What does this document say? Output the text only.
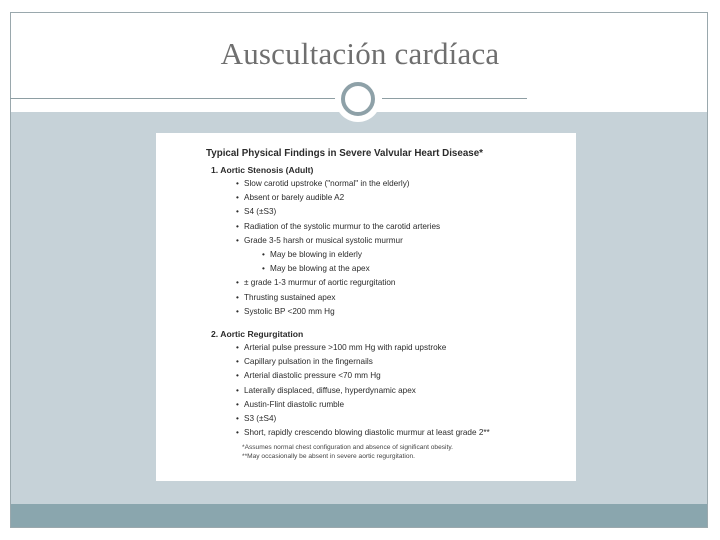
Auscultación cardíaca
Typical Physical Findings in Severe Valvular Heart Disease*
1. Aortic Stenosis (Adult)
• Slow carotid upstroke ("normal" in the elderly)
• Absent or barely audible A2
• S4 (±S3)
• Radiation of the systolic murmur to the carotid arteries
• Grade 3-5 harsh or musical systolic murmur
• May be blowing in elderly
• May be blowing at the apex
• ± grade 1-3 murmur of aortic regurgitation
• Thrusting sustained apex
• Systolic BP <200 mm Hg
2. Aortic Regurgitation
• Arterial pulse pressure >100 mm Hg with rapid upstroke
• Capillary pulsation in the fingernails
• Arterial diastolic pressure <70 mm Hg
• Laterally displaced, diffuse, hyperdynamic apex
• Austin-Flint diastolic rumble
• S3 (±S4)
• Short, rapidly crescendo blowing diastolic murmur at least grade 2**
*Assumes normal chest configuration and absence of significant obesity.
**May occasionally be absent in severe aortic regurgitation.
